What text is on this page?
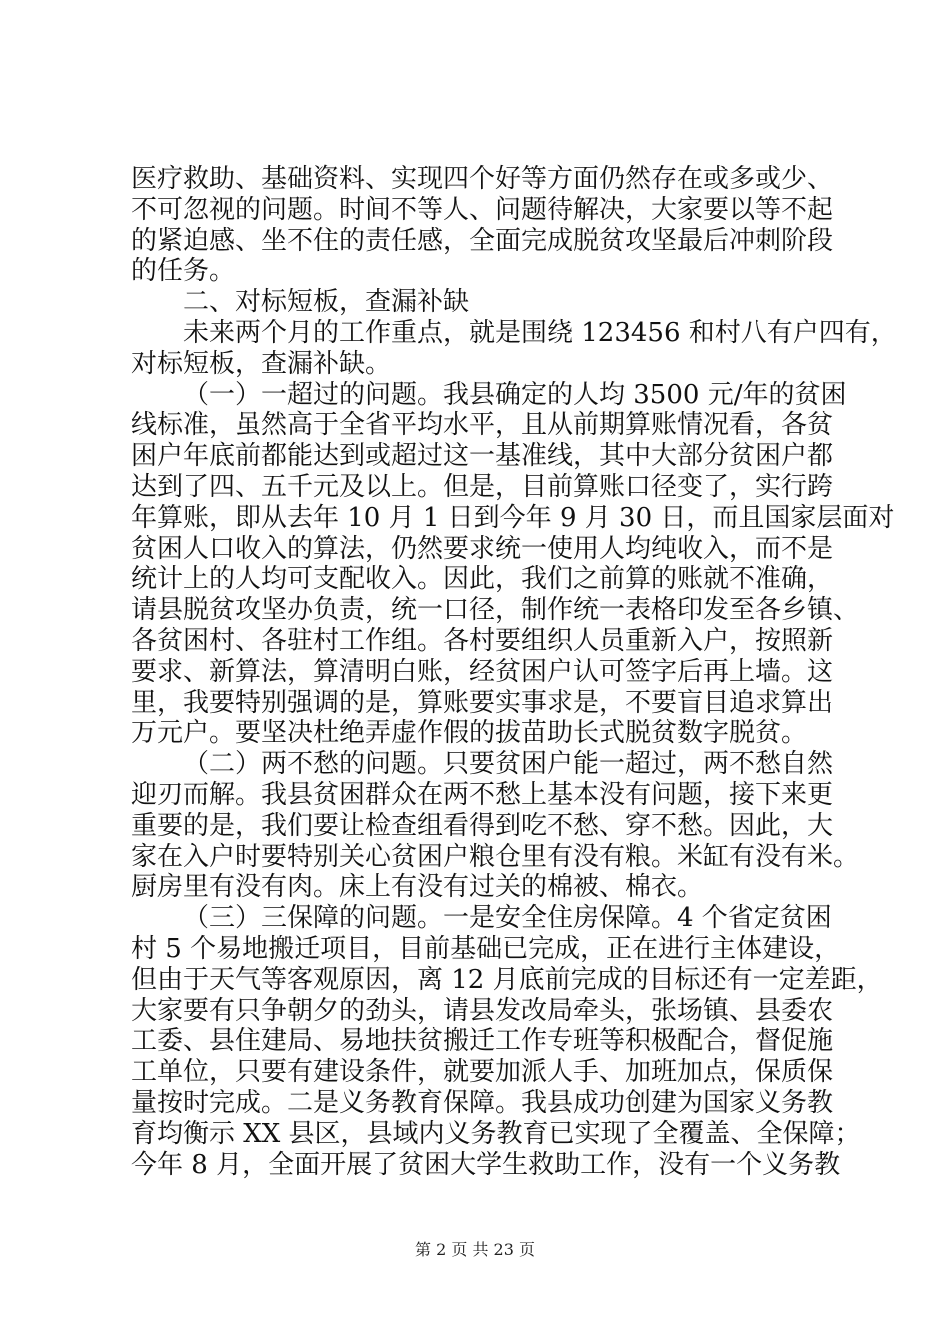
医疗救助、基础资料、实现四个好等方面仍然存在或多或少、
不可忽视的问题。时间不等人、问题待解决，大家要以等不起
的紧迫感、坐不住的责任感，全面完成脱贫攻坚最后冲刺阶段
的任务。
二、对标短板，查漏补缺
未来两个月的工作重点，就是围绕 123456 和村八有户四有，
对标短板，查漏补缺。
（一）一超过的问题。我县确定的人均 3500 元/年的贫困
线标准，虽然高于全省平均水平，且从前期算账情况看，各贫
困户年底前都能达到或超过这一基准线，其中大部分贫困户都
达到了四、五千元及以上。但是，目前算账口径变了，实行跨
年算账，即从去年 10 月 1 日到今年 9 月 30 日，而且国家层面对
贫困人口收入的算法，仍然要求统一使用人均纯收入，而不是
统计上的人均可支配收入。因此，我们之前算的账就不准确，
请县脱贫攻坚办负责，统一口径，制作统一表格印发至各乡镇、
各贫困村、各驻村工作组。各村要组织人员重新入户，按照新
要求、新算法，算清明白账，经贫困户认可签字后再上墙。这
里，我要特别强调的是，算账要实事求是，不要盲目追求算出
万元户。要坚决杜绝弄虚作假的拔苗助长式脱贫数字脱贫。
（二）两不愁的问题。只要贫困户能一超过，两不愁自然
迎刃而解。我县贫困群众在两不愁上基本没有问题，接下来更
重要的是，我们要让检查组看得到吃不愁、穿不愁。因此，大
家在入户时要特别关心贫困户粮仓里有没有粮。米缸有没有米。
厨房里有没有肉。床上有没有过关的棉被、棉衣。
（三）三保障的问题。一是安全住房保障。4 个省定贫困
村 5 个易地搬迁项目，目前基础已完成，正在进行主体建设，
但由于天气等客观原因，离 12 月底前完成的目标还有一定差距，
大家要有只争朝夕的劲头，请县发改局牵头，张场镇、县委农
工委、县住建局、易地扶贫搬迁工作专班等积极配合，督促施
工单位，只要有建设条件，就要加派人手、加班加点，保质保
量按时完成。二是义务教育保障。我县成功创建为国家义务教
育均衡示 XX 县区，县域内义务教育已实现了全覆盖、全保障；
今年 8 月，全面开展了贫困大学生救助工作，没有一个义务教
第 2 页 共 23 页
